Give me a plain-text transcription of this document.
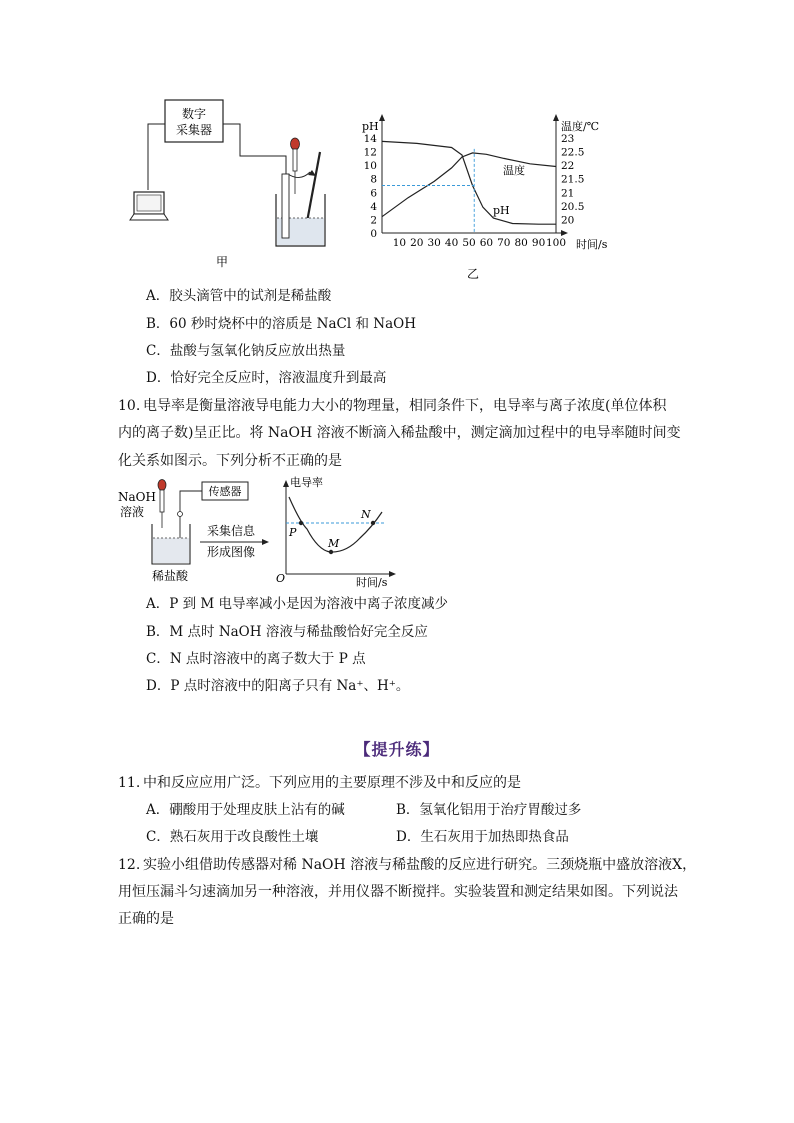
数字
采集器
甲
pH	温度/℃
时间/s
14
12
10
8
6
4
2
0
23
22.5
22
21.5
21
20.5
20
10 20 30 40 50 60 70 80 90 100
温度
pH
乙
A．胶头滴管中的试剂是稀盐酸
B．60 秒时烧杯中的溶质是 NaCl 和 NaOH
C．盐酸与氢氧化钠反应放出热量
D．恰好完全反应时，溶液温度升到最高
10. 电导率是衡量溶液导电能力大小的物理量，相同条件下，电导率与离子浓度(单位体积
内的离子数)呈正比。将 NaOH 溶液不断滴入稀盐酸中，测定滴加过程中的电导率随时间变
化关系如图示。下列分析不正确的是
NaOH
溶液
传感器
稀盐酸
采集信息
形成图像
电导率
时间/s
O
P
M
N
A．P 到 M 电导率减小是因为溶液中离子浓度减少
B．M 点时 NaOH 溶液与稀盐酸恰好完全反应
C．N 点时溶液中的离子数大于 P 点
D．P 点时溶液中的阳离子只有 Na⁺、H⁺。
【提升练】
11. 中和反应应用广泛。下列应用的主要原理不涉及中和反应的是
A．硼酸用于处理皮肤上沾有的碱	B．氢氧化铝用于治疗胃酸过多
C．熟石灰用于改良酸性土壤	D．生石灰用于加热即热食品
12. 实验小组借助传感器对稀 NaOH 溶液与稀盐酸的反应进行研究。三颈烧瓶中盛放溶液X，
用恒压漏斗匀速滴加另一种溶液，并用仪器不断搅拌。实验装置和测定结果如图。下列说法
正确的是
